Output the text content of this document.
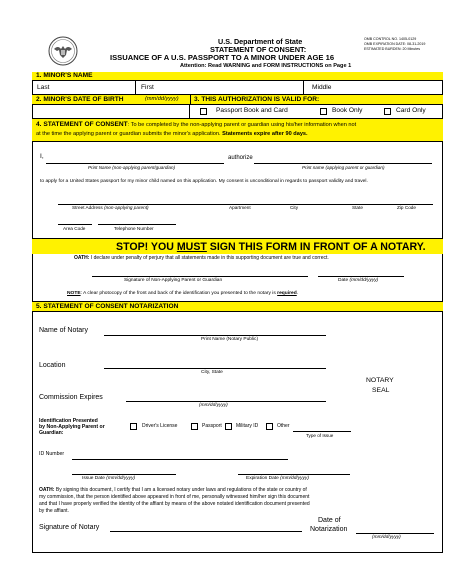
U.S. Department of State
STATEMENT OF CONSENT:
ISSUANCE OF A U.S. PASSPORT TO A MINOR UNDER AGE 16
Attention: Read WARNING and FORM INSTRUCTIONS on Page 1
OMB CONTROL NO. 1405-0129
OMB EXPIRATION DATE: 08-31-2019
ESTIMATED BURDEN: 20 Minutes
1. MINOR'S NAME
Last	First	Middle
2. MINOR'S DATE OF BIRTH	(mm/dd/yyyy) 3. THIS AUTHORIZATION IS VALID FOR:
Passport Book and Card	Book Only	Card Only
4. STATEMENT OF CONSENT: To be completed by the non-applying parent or guardian using his/her information when not
at the time the applying parent or guardian submits the minor's application. Statements expire after 90 days.
I,
Print Name (non-applying parent/guardian)
authorize
Print name (applying parent or guardian)
to apply for a United States passport for my minor child named on this application. My consent is unconditional in regards to passport validity and travel.
Street Address (non-applying parent)	Apartment	City	State	Zip Code
Area Code	Telephone Number
STOP! YOU MUST SIGN THIS FORM IN FRONT OF A NOTARY.
OATH: I declare under penalty of perjury that all statements made in this supporting document are true and correct.
Signature of Non-Applying Parent or Guardian	Date (mm/dd/yyyy)
NOTE: A clear photocopy of the front and back of the identification you presented to the notary is required.
5. STATEMENT OF CONSENT NOTARIZATION
Name of Notary
Print Name (Notary Public)
Location
City, State
Commission Expires
(mm/dd/yyyy)
NOTARY
SEAL
Identification Presented
by Non-Applying Parent or
Guardian:
Driver's License	Passport	Military ID	Other
Type of Issue
ID Number
Issue Date (mm/dd/yyyy)	Expiration Date (mm/dd/yyyy)
OATH: By signing this document, I certify that I am a licensed notary under laws and regulations of the state or country of
my commission, that the person identified above appeared in front of me, personally witnessed him/her sign this document
and that I have properly verified the identity of the affiant by means of the above notated identification document presented
by the affiant.
Signature of Notary
Date of
Notarization
(mm/dd/yyyy)
